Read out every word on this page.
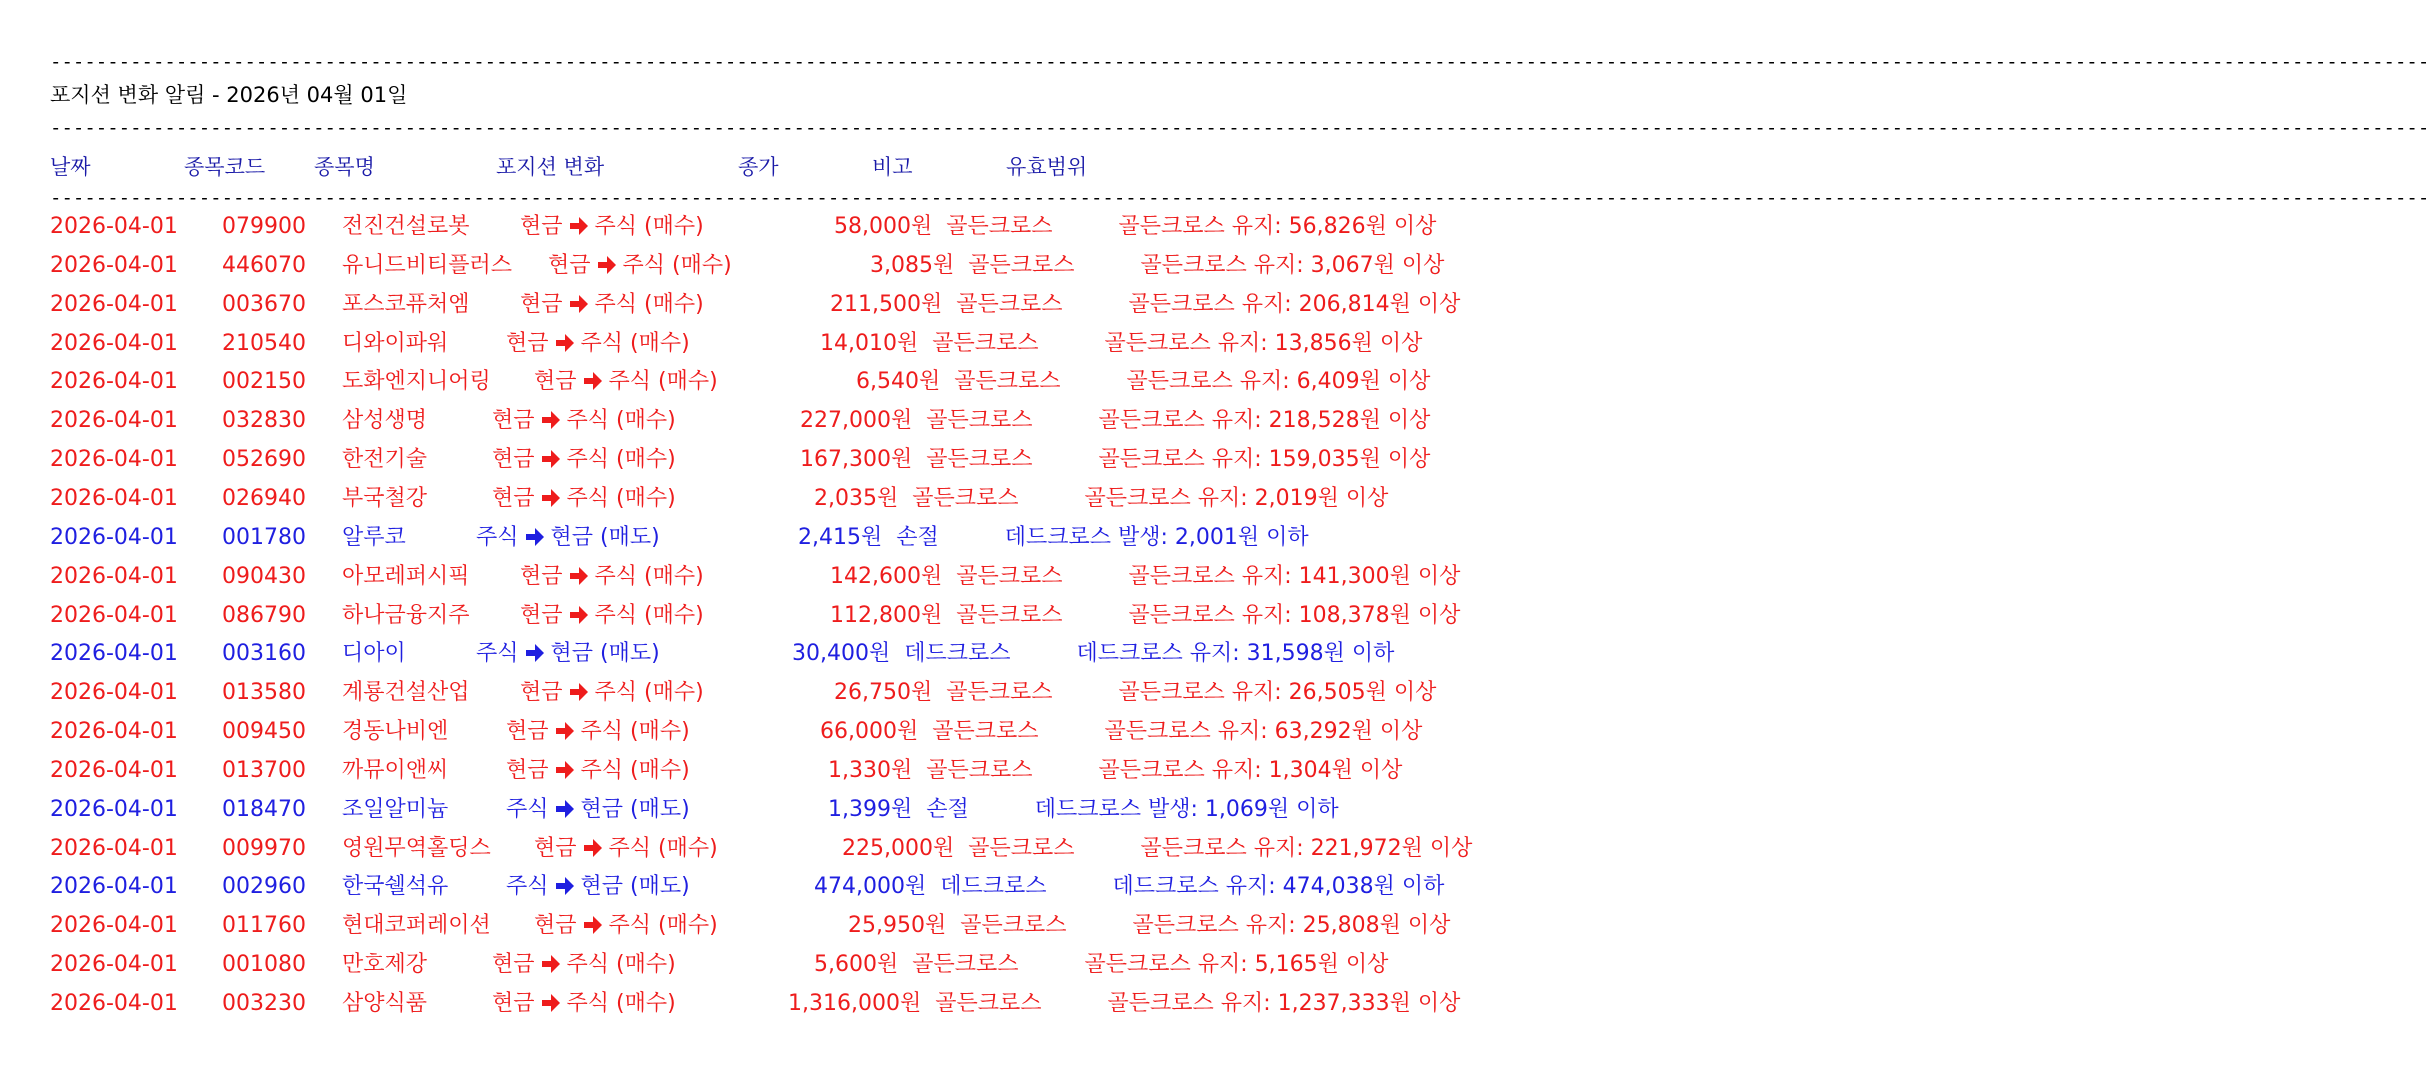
----------------------------------------------------------------------------------------------------------------------------------------------------------------------------------------------------------------
포지션 변화 알림 - 2026년 04월 01일
----------------------------------------------------------------------------------------------------------------------------------------------------------------------------------------------------------------
날짜	종목코드 종목명	포지션 변화	종가	비고	유효범위
----------------------------------------------------------------------------------------------------------------------------------------------------------------------------------------------------------------
2026-04-01 079900 전진건설로봇 현금 주식 (매수)	58,000원 골든크로스	골든크로스 유지: 56,826원 이상
2026-04-01 446070 유니드비티플러스 현금 주식 (매수)	3,085원 골든크로스	골든크로스 유지: 3,067원 이상
2026-04-01 003670 포스코퓨처엠 현금 주식 (매수)	211,500원 골든크로스	골든크로스 유지: 206,814원 이상
2026-04-01 210540 디와이파워	현금 주식 (매수)	14,010원 골든크로스	골든크로스 유지: 13,856원 이상
2026-04-01 002150 도화엔지니어링 현금 주식 (매수)	6,540원 골든크로스	골든크로스 유지: 6,409원 이상
2026-04-01 032830 삼성생명	현금 주식 (매수)	227,000원 골든크로스	골든크로스 유지: 218,528원 이상
2026-04-01 052690 한전기술	현금 주식 (매수)	167,300원 골든크로스	골든크로스 유지: 159,035원 이상
2026-04-01 026940 부국철강	현금 주식 (매수)	2,035원 골든크로스	골든크로스 유지: 2,019원 이상
2026-04-01 001780 알루코	주식 현금 (매도)	2,415원 손절	데드크로스 발생: 2,001원 이하
2026-04-01 090430 아모레퍼시픽 현금 주식 (매수)	142,600원 골든크로스	골든크로스 유지: 141,300원 이상
2026-04-01 086790 하나금융지주 현금 주식 (매수)	112,800원 골든크로스	골든크로스 유지: 108,378원 이상
2026-04-01 003160 디아이	주식 현금 (매도)	30,400원 데드크로스	데드크로스 유지: 31,598원 이하
2026-04-01 013580 계룡건설산업 현금 주식 (매수)	26,750원 골든크로스	골든크로스 유지: 26,505원 이상
2026-04-01 009450 경동나비엔	현금 주식 (매수)	66,000원 골든크로스	골든크로스 유지: 63,292원 이상
2026-04-01 013700 까뮤이앤씨	현금 주식 (매수)	1,330원 골든크로스	골든크로스 유지: 1,304원 이상
2026-04-01 018470 조일알미늄	주식 현금 (매도)	1,399원 손절	데드크로스 발생: 1,069원 이하
2026-04-01 009970 영원무역홀딩스 현금 주식 (매수)	225,000원 골든크로스	골든크로스 유지: 221,972원 이상
2026-04-01 002960 한국쉘석유	주식 현금 (매도)	474,000원 데드크로스	데드크로스 유지: 474,038원 이하
2026-04-01 011760 현대코퍼레이션 현금 주식 (매수)	25,950원 골든크로스	골든크로스 유지: 25,808원 이상
2026-04-01 001080 만호제강	현금 주식 (매수)	5,600원 골든크로스	골든크로스 유지: 5,165원 이상
2026-04-01 003230 삼양식품	현금 주식 (매수)	1,316,000원 골든크로스	골든크로스 유지: 1,237,333원 이상
